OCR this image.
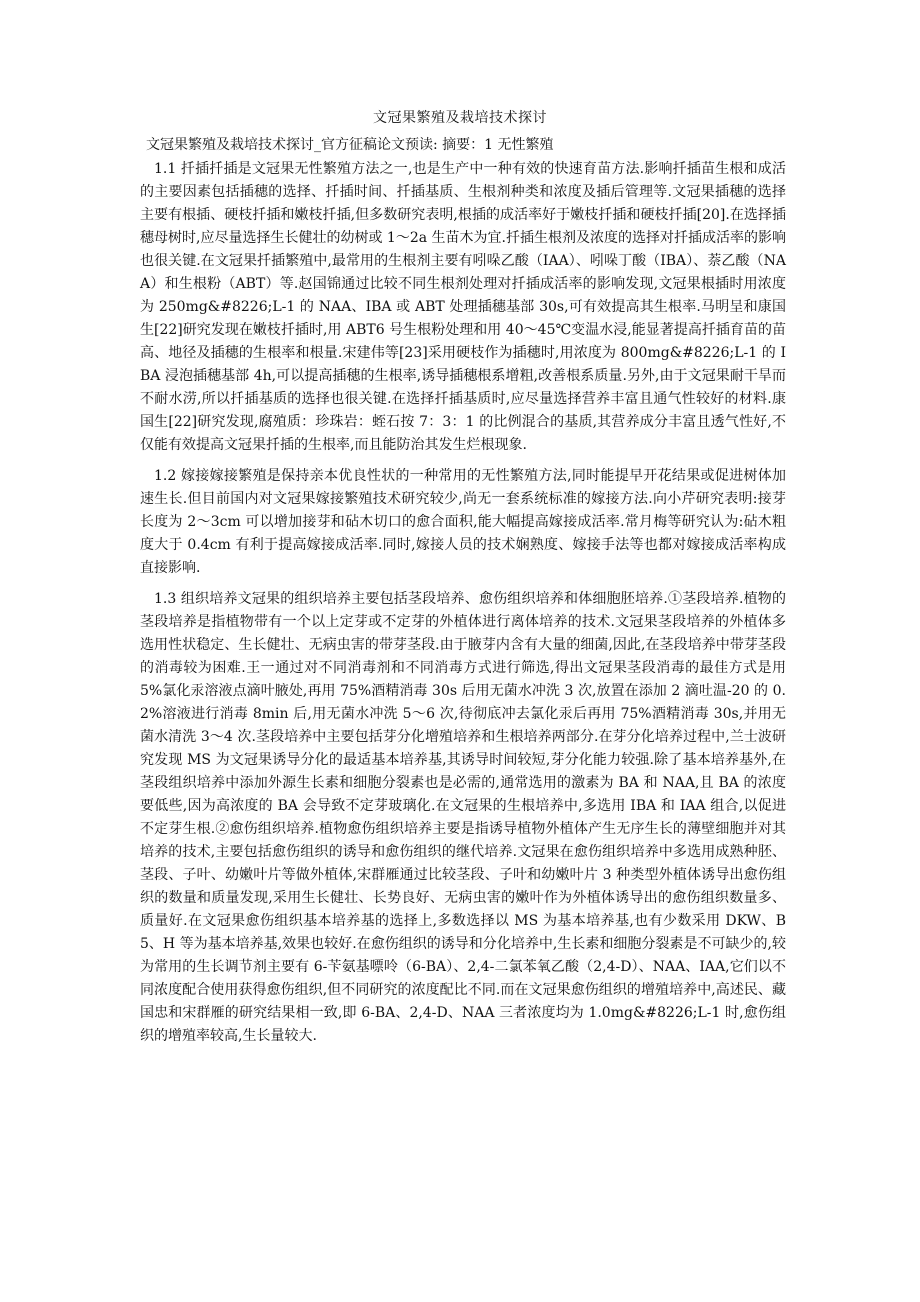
文冠果繁殖及栽培技术探讨
文冠果繁殖及栽培技术探讨_官方征稿论文预读: 摘要：1 无性繁殖

1.1 扦插扦插是文冠果无性繁殖方法之一,也是生产中一种有效的快速育苗方法.影响扦插苗生根和成活的主要因素包括插穗的选择、扦插时间、扦插基质、生根剂种类和浓度及插后管理等.文冠果插穗的选择主要有根插、硬枝扦插和嫩枝扦插,但多数研究表明,根插的成活率好于嫩枝扦插和硬枝扦插[20].在选择插穗母树时,应尽量选择生长健壮的幼树或 1～2a 生苗木为宜.扦插生根剂及浓度的选择对扦插成活率的影响也很关键.在文冠果扦插繁殖中,最常用的生根剂主要有吲哚乙酸（IAA）、吲哚丁酸（IBA）、萘乙酸（NAA）和生根粉（ABT）等.赵国锦通过比较不同生根剂处理对扦插成活率的影响发现,文冠果根插时用浓度为 250mg&#8226;L-1 的 NAA、IBA 或 ABT 处理插穗基部 30s,可有效提高其生根率.马明呈和康国生[22]研究发现在嫩枝扦插时,用 ABT6 号生根粉处理和用 40～45℃变温水浸,能显著提高扦插育苗的苗高、地径及插穗的生根率和根量.宋建伟等[23]采用硬枝作为插穗时,用浓度为 800mg&#8226;L-1 的 IBA 浸泡插穗基部 4h,可以提高插穗的生根率,诱导插穗根系增粗,改善根系质量.另外,由于文冠果耐干旱而不耐水涝,所以扦插基质的选择也很关键.在选择扦插基质时,应尽量选择营养丰富且通气性较好的材料.康国生[22]研究发现,腐殖质：珍珠岩：蛭石按 7：3：1 的比例混合的基质,其营养成分丰富且透气性好,不仅能有效提高文冠果扦插的生根率,而且能防治其发生烂根现象.

1.2 嫁接嫁接繁殖是保持亲本优良性状的一种常用的无性繁殖方法,同时能提早开花结果或促进树体加速生长.但目前国内对文冠果嫁接繁殖技术研究较少,尚无一套系统标准的嫁接方法.向小芹研究表明:接芽长度为 2～3cm 可以增加接芽和砧木切口的愈合面积,能大幅提高嫁接成活率.常月梅等研究认为:砧木粗度大于 0.4cm 有利于提高嫁接成活率.同时,嫁接人员的技术娴熟度、嫁接手法等也都对嫁接成活率构成直接影响.

1.3 组织培养文冠果的组织培养主要包括茎段培养、愈伤组织培养和体细胞胚培养.①茎段培养.植物的茎段培养是指植物带有一个以上定芽或不定芽的外植体进行离体培养的技术.文冠果茎段培养的外植体多选用性状稳定、生长健壮、无病虫害的带芽茎段.由于腋芽内含有大量的细菌,因此,在茎段培养中带芽茎段的消毒较为困难.王一通过对不同消毒剂和不同消毒方式进行筛选,得出文冠果茎段消毒的最佳方式是用 5%氯化汞溶液点滴叶腋处,再用 75%酒精消毒 30s 后用无菌水冲洗 3 次,放置在添加 2 滴吐温-20 的 0.2%溶液进行消毒 8min 后,用无菌水冲洗 5～6 次,待彻底冲去氯化汞后再用 75%酒精消毒 30s,并用无菌水清洗 3～4 次.茎段培养中主要包括芽分化增殖培养和生根培养两部分.在芽分化培养过程中,兰士波研究发现 MS 为文冠果诱导分化的最适基本培养基,其诱导时间较短,芽分化能力较强.除了基本培养基外,在茎段组织培养中添加外源生长素和细胞分裂素也是必需的,通常选用的激素为 BA 和 NAA,且 BA 的浓度要低些,因为高浓度的 BA 会导致不定芽玻璃化.在文冠果的生根培养中,多选用 IBA 和 IAA 组合,以促进不定芽生根.②愈伤组织培养.植物愈伤组织培养主要是指诱导植物外植体产生无序生长的薄壁细胞并对其培养的技术,主要包括愈伤组织的诱导和愈伤组织的继代培养.文冠果在愈伤组织培养中多选用成熟种胚、茎段、子叶、幼嫩叶片等做外植体,宋群雁通过比较茎段、子叶和幼嫩叶片 3 种类型外植体诱导出愈伤组织的数量和质量发现,采用生长健壮、长势良好、无病虫害的嫩叶作为外植体诱导出的愈伤组织数量多、质量好.在文冠果愈伤组织基本培养基的选择上,多数选择以 MS 为基本培养基,也有少数采用 DKW、B5、H 等为基本培养基,效果也较好.在愈伤组织的诱导和分化培养中,生长素和细胞分裂素是不可缺少的,较为常用的生长调节剂主要有 6-苄氨基嘌呤（6-BA）、2,4-二氯苯氧乙酸（2,4-D）、NAA、IAA,它们以不同浓度配合使用获得愈伤组织,但不同研究的浓度配比不同.而在文冠果愈伤组织的增殖培养中,高述民、藏国忠和宋群雁的研究结果相一致,即 6-BA、2,4-D、NAA 三者浓度均为 1.0mg&#8226;L-1 时,愈伤组织的增殖率较高,生长量较大.
